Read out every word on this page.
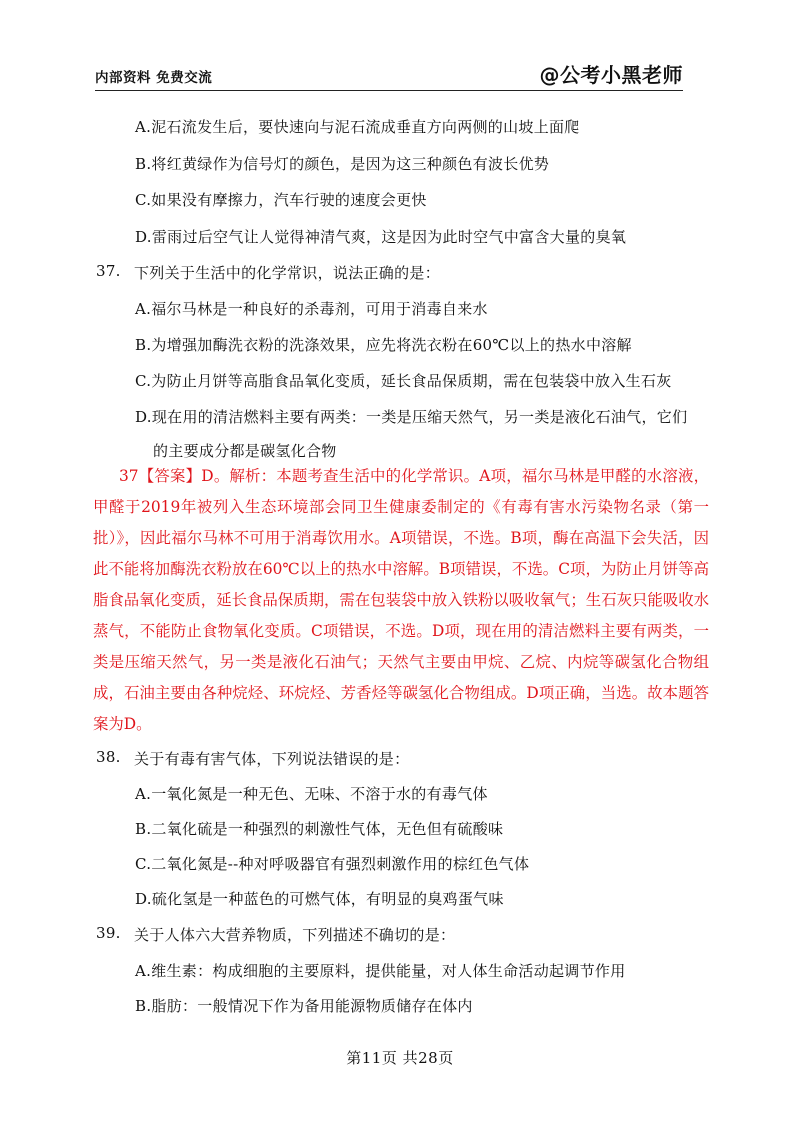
内部资料 免费交流	@公考小黑老师
A.泥石流发生后，要快速向与泥石流成垂直方向两侧的山坡上面爬
B.将红黄绿作为信号灯的颜色，是因为这三种颜色有波长优势
C.如果没有摩擦力，汽车行驶的速度会更快
D.雷雨过后空气让人觉得神清气爽，这是因为此时空气中富含大量的臭氧
37. 下列关于生活中的化学常识，说法正确的是：
A.福尔马林是一种良好的杀毒剂，可用于消毒自来水
B.为增强加酶洗衣粉的洗涤效果，应先将洗衣粉在60℃以上的热水中溶解
C.为防止月饼等高脂食品氧化变质，延长食品保质期，需在包装袋中放入生石灰
D.现在用的清洁燃料主要有两类：一类是压缩天然气，另一类是液化石油气，它们
的主要成分都是碳氢化合物

37【答案】D。解析：本题考查生活中的化学常识。A项，福尔马林是甲醛的水溶液，甲醛于2019年被列入生态环境部会同卫生健康委制定的《有毒有害水污染物名录（第一批）》，因此福尔马林不可用于消毒饮用水。A项错误，不选。B项，酶在高温下会失活，因此不能将加酶洗衣粉放在60℃以上的热水中溶解。B项错误，不选。C项，为防止月饼等高脂食品氧化变质，延长食品保质期，需在包装袋中放入铁粉以吸收氧气；生石灰只能吸收水蒸气，不能防止食物氧化变质。C项错误，不选。D项，现在用的清洁燃料主要有两类，一类是压缩天然气，另一类是液化石油气；天然气主要由甲烷、乙烷、内烷等碳氢化合物组成，石油主要由各种烷烃、环烷烃、芳香烃等碳氢化合物组成。D项正确，当选。故本题答案为D。

38. 关于有毒有害气体，下列说法错误的是：
A.一氧化氮是一种无色、无味、不溶于水的有毒气体
B.二氧化硫是一种强烈的刺激性气体，无色但有硫酸味
C.二氧化氮是--种对呼吸器官有强烈刺激作用的棕红色气体
D.硫化氢是一种蓝色的可燃气体，有明显的臭鸡蛋气味
39. 关于人体六大营养物质，下列描述不确切的是：
A.维生素：构成细胞的主要原料，提供能量，对人体生命活动起调节作用
B.脂肪：一般情况下作为备用能源物质储存在体内
第11页 共28页
